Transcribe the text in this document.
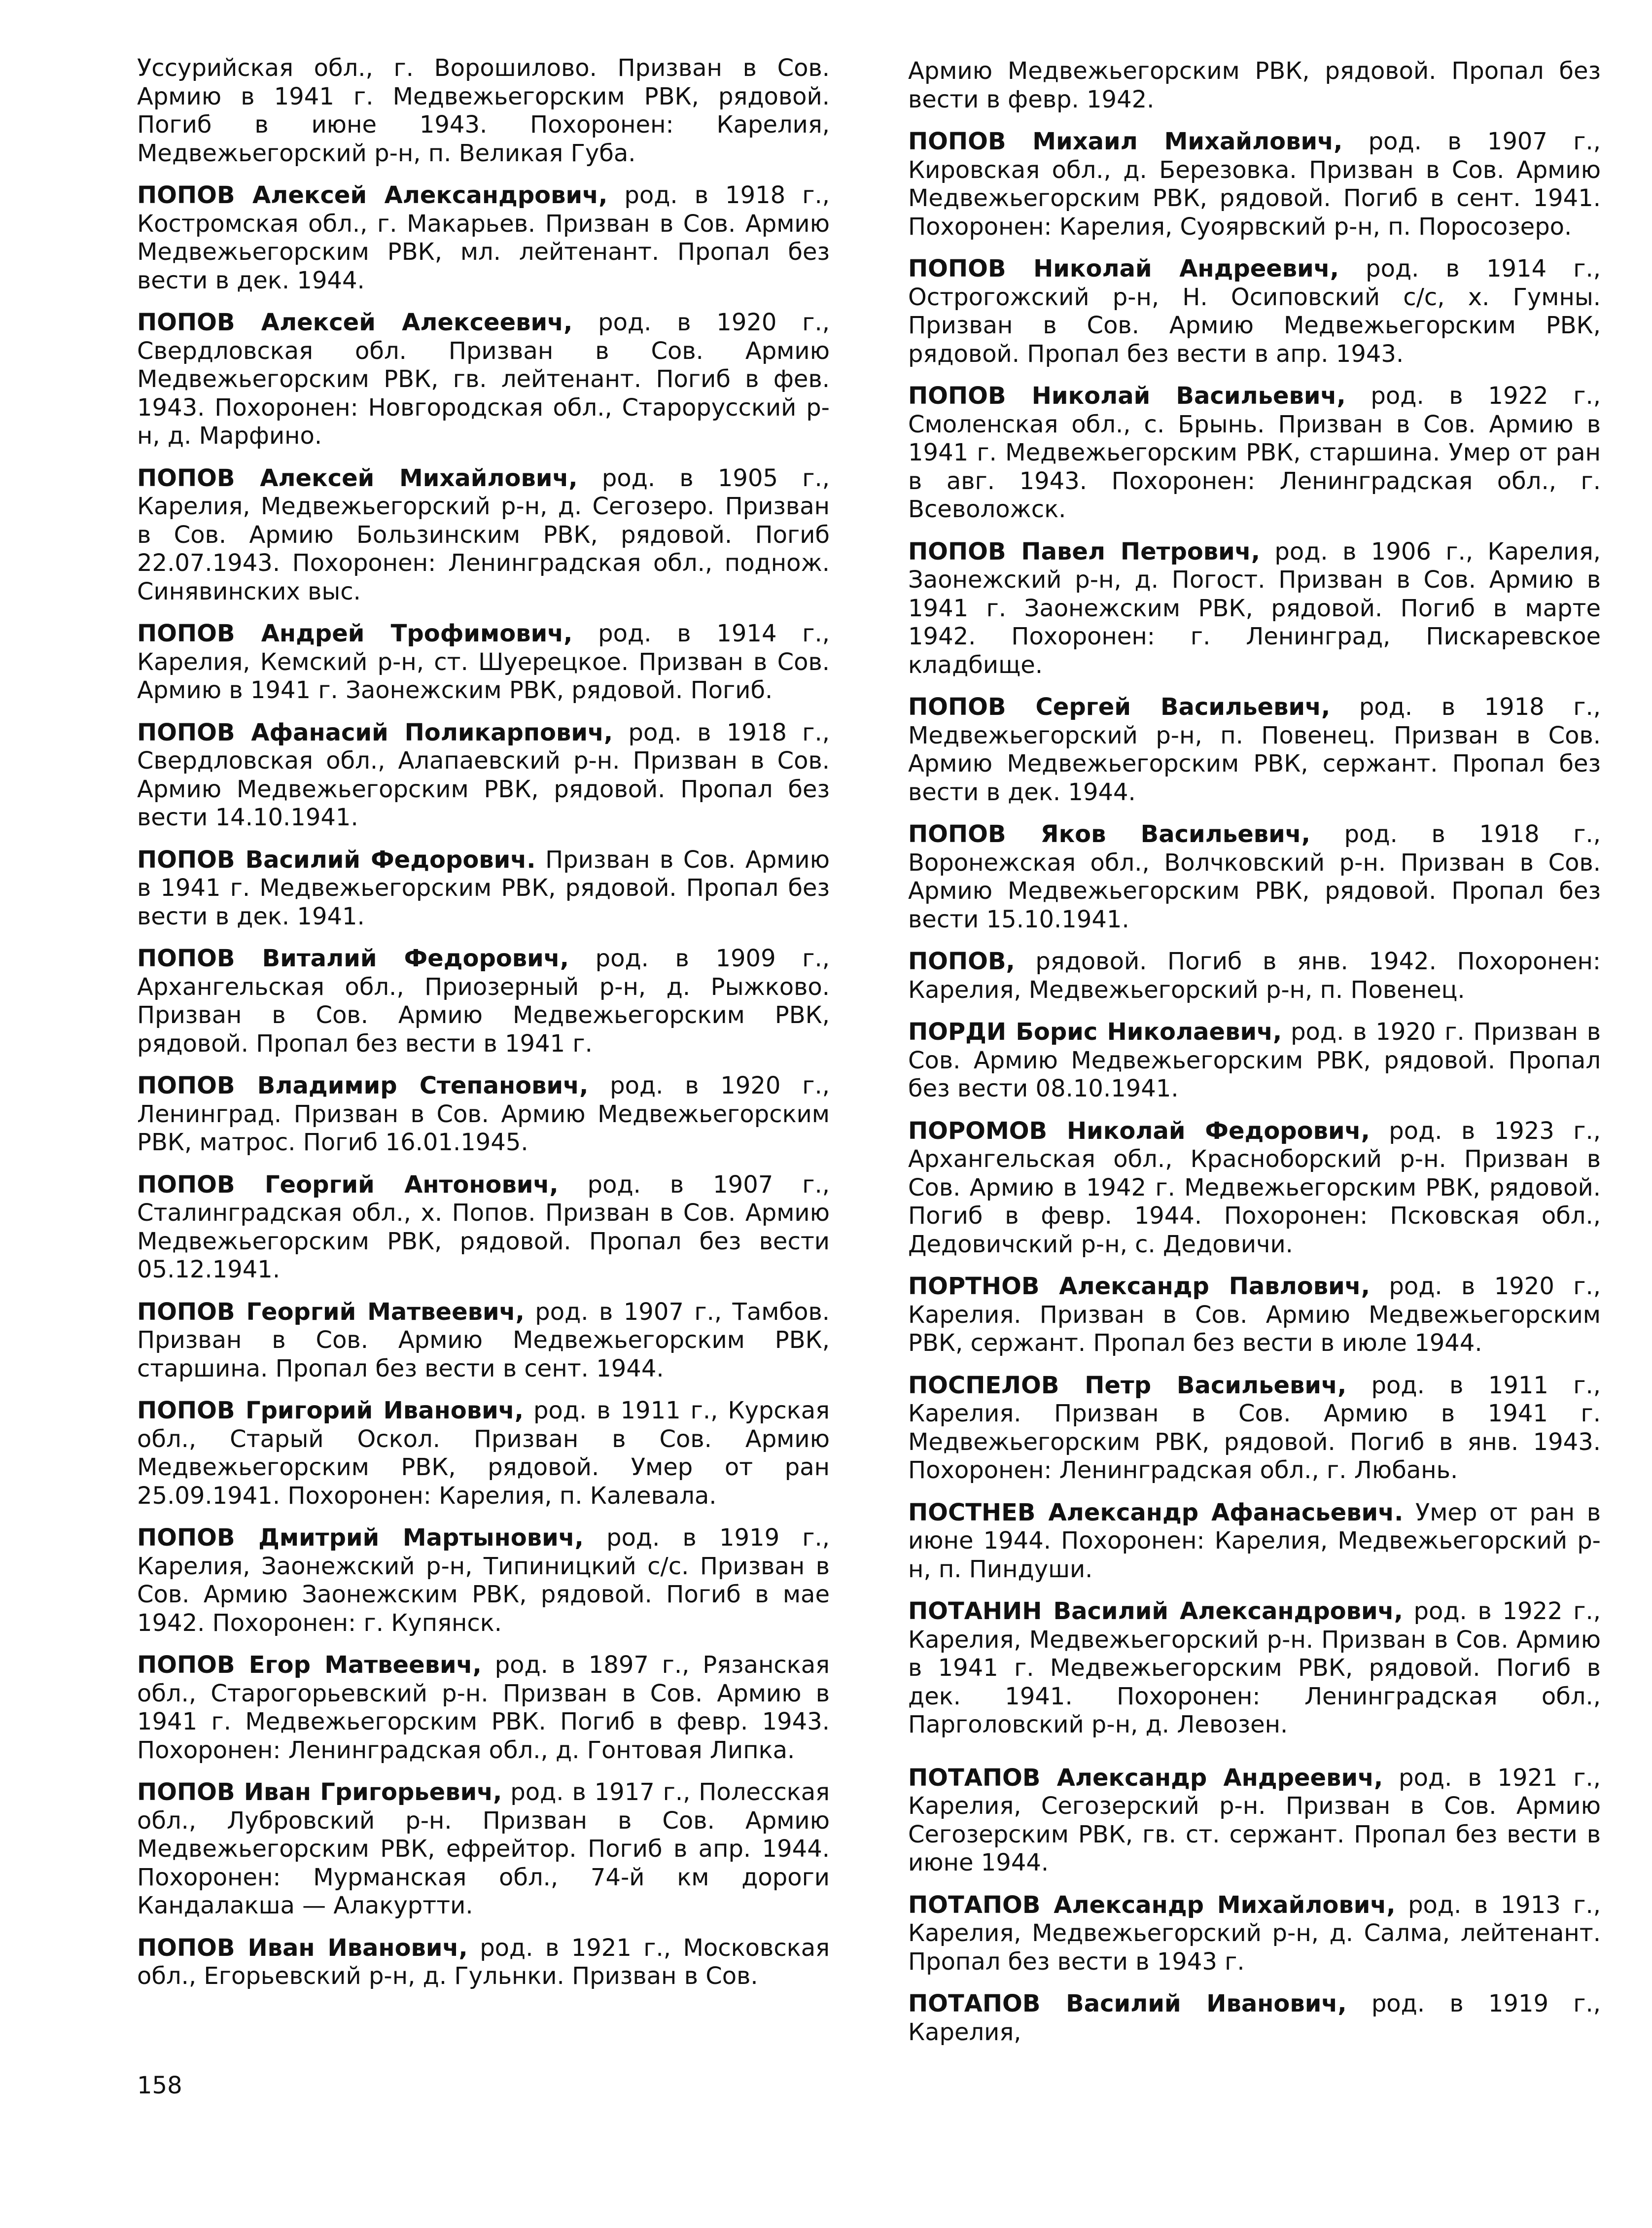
Уссурийская обл., г. Ворошилово. Призван в Сов. Армию в 1941 г. Медвежьегорским РВК, рядовой. Погиб в июне 1943. Похоронен: Карелия, Медвежьегорский р-н, п. Великая Губа.

ПОПОВ Алексей Александрович, род. в 1918 г., Костромская обл., г. Макарьев. Призван в Сов. Армию Медвежьегорским РВК, мл. лейтенант. Пропал без вести в дек. 1944.

ПОПОВ Алексей Алексеевич, род. в 1920 г., Свердловская обл. Призван в Сов. Армию Медвежьегорским РВК, гв. лейтенант. Погиб в фев. 1943. Похоронен: Новгородская обл., Старорусский р-н, д. Марфино.

ПОПОВ Алексей Михайлович, род. в 1905 г., Карелия, Медвежьегорский р-н, д. Сегозеро. Призван в Сов. Армию Бользинским РВК, рядовой. Погиб 22.07.1943. Похоронен: Ленинградская обл., поднож. Синявинских выс.

ПОПОВ Андрей Трофимович, род. в 1914 г., Карелия, Кемский р-н, ст. Шуерецкое. Призван в Сов. Армию в 1941 г. Заонежским РВК, рядовой. Погиб.

ПОПОВ Афанасий Поликарпович, род. в 1918 г., Свердловская обл., Алапаевский р-н. Призван в Сов. Армию Медвежьегорским РВК, рядовой. Пропал без вести 14.10.1941.

ПОПОВ Василий Федорович. Призван в Сов. Армию в 1941 г. Медвежьегорским РВК, рядовой. Пропал без вести в дек. 1941.

ПОПОВ Виталий Федорович, род. в 1909 г., Архангельская обл., Приозерный р-н, д. Рыжково. Призван в Сов. Армию Медвежьегорским РВК, рядовой. Пропал без вести в 1941 г.

ПОПОВ Владимир Степанович, род. в 1920 г., Ленинград. Призван в Сов. Армию Медвежьегорским РВК, матрос. Погиб 16.01.1945.

ПОПОВ Георгий Антонович, род. в 1907 г., Сталинградская обл., х. Попов. Призван в Сов. Армию Медвежьегорским РВК, рядовой. Пропал без вести 05.12.1941.

ПОПОВ Георгий Матвеевич, род. в 1907 г., Тамбов. Призван в Сов. Армию Медвежьегорским РВК, старшина. Пропал без вести в сент. 1944.

ПОПОВ Григорий Иванович, род. в 1911 г., Курская обл., Старый Оскол. Призван в Сов. Армию Медвежьегорским РВК, рядовой. Умер от ран 25.09.1941. Похоронен: Карелия, п. Калевала.

ПОПОВ Дмитрий Мартынович, род. в 1919 г., Карелия, Заонежский р-н, Типиницкий с/с. Призван в Сов. Армию Заонежским РВК, рядовой. Погиб в мае 1942. Похоронен: г. Купянск.

ПОПОВ Егор Матвеевич, род. в 1897 г., Рязанская обл., Старогорьевский р-н. Призван в Сов. Армию в 1941 г. Медвежьегорским РВК. Погиб в февр. 1943. Похоронен: Ленинградская обл., д. Гонтовая Липка.

ПОПОВ Иван Григорьевич, род. в 1917 г., Полесская обл., Лубровский р-н. Призван в Сов. Армию Медвежьегорским РВК, ефрейтор. Погиб в апр. 1944. Похоронен: Мурманская обл., 74-й км дороги Кандалакша — Алакуртти.

ПОПОВ Иван Иванович, род. в 1921 г., Московская обл., Егорьевский р-н, д. Гульнки. Призван в Сов.

Армию Медвежьегорским РВК, рядовой. Пропал без вести в февр. 1942.

ПОПОВ Михаил Михайлович, род. в 1907 г., Кировская обл., д. Березовка. Призван в Сов. Армию Медвежьегорским РВК, рядовой. Погиб в сент. 1941. Похоронен: Карелия, Суоярвский р-н, п. Поросозеро.

ПОПОВ Николай Андреевич, род. в 1914 г., Острогожский р-н, Н. Осиповский с/с, х. Гумны. Призван в Сов. Армию Медвежьегорским РВК, рядовой. Пропал без вести в апр. 1943.

ПОПОВ Николай Васильевич, род. в 1922 г., Смоленская обл., с. Брынь. Призван в Сов. Армию в 1941 г. Медвежьегорским РВК, старшина. Умер от ран в авг. 1943. Похоронен: Ленинградская обл., г. Всеволожск.

ПОПОВ Павел Петрович, род. в 1906 г., Карелия, Заонежский р-н, д. Погост. Призван в Сов. Армию в 1941 г. Заонежским РВК, рядовой. Погиб в марте 1942. Похоронен: г. Ленинград, Пискаревское кладбище.

ПОПОВ Сергей Васильевич, род. в 1918 г., Медвежьегорский р-н, п. Повенец. Призван в Сов. Армию Медвежьегорским РВК, сержант. Пропал без вести в дек. 1944.

ПОПОВ Яков Васильевич, род. в 1918 г., Воронежская обл., Волчковский р-н. Призван в Сов. Армию Медвежьегорским РВК, рядовой. Пропал без вести 15.10.1941.

ПОПОВ, рядовой. Погиб в янв. 1942. Похоронен: Карелия, Медвежьегорский р-н, п. Повенец.

ПОРДИ Борис Николаевич, род. в 1920 г. Призван в Сов. Армию Медвежьегорским РВК, рядовой. Пропал без вести 08.10.1941.

ПОРОМОВ Николай Федорович, род. в 1923 г., Архангельская обл., Красноборский р-н. Призван в Сов. Армию в 1942 г. Медвежьегорским РВК, рядовой. Погиб в февр. 1944. Похоронен: Псковская обл., Дедовичский р-н, с. Дедовичи.

ПОРТНОВ Александр Павлович, род. в 1920 г., Карелия. Призван в Сов. Армию Медвежьегорским РВК, сержант. Пропал без вести в июле 1944.

ПОСПЕЛОВ Петр Васильевич, род. в 1911 г., Карелия. Призван в Сов. Армию в 1941 г. Медвежьегорским РВК, рядовой. Погиб в янв. 1943. Похоронен: Ленинградская обл., г. Любань.

ПОСТНЕВ Александр Афанасьевич. Умер от ран в июне 1944. Похоронен: Карелия, Медвежьегорский р-н, п. Пиндуши.

ПОТАНИН Василий Александрович, род. в 1922 г., Карелия, Медвежьегорский р-н. Призван в Сов. Армию в 1941 г. Медвежьегорским РВК, рядовой. Погиб в дек. 1941. Похоронен: Ленинградская обл., Парголовский р-н, д. Левозен.

ПОТАПОВ Александр Андреевич, род. в 1921 г., Карелия, Сегозерский р-н. Призван в Сов. Армию Сегозерским РВК, гв. ст. сержант. Пропал без вести в июне 1944.

ПОТАПОВ Александр Михайлович, род. в 1913 г., Карелия, Медвежьегорский р-н, д. Салма, лейтенант. Пропал без вести в 1943 г.

ПОТАПОВ Василий Иванович, род. в 1919 г., Карелия,

158
